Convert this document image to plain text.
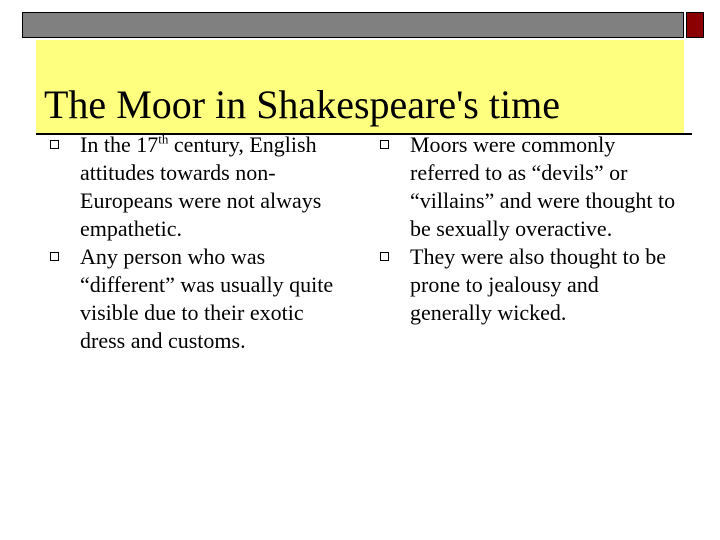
The Moor in Shakespeare's time
In the 17th century, English attitudes towards non-Europeans were not always empathetic.
Any person who was “different” was usually quite visible due to their exotic dress and customs.
Moors were commonly referred to as “devils” or “villains” and were thought to be sexually overactive.
They were also thought to be prone to jealousy and generally wicked.
